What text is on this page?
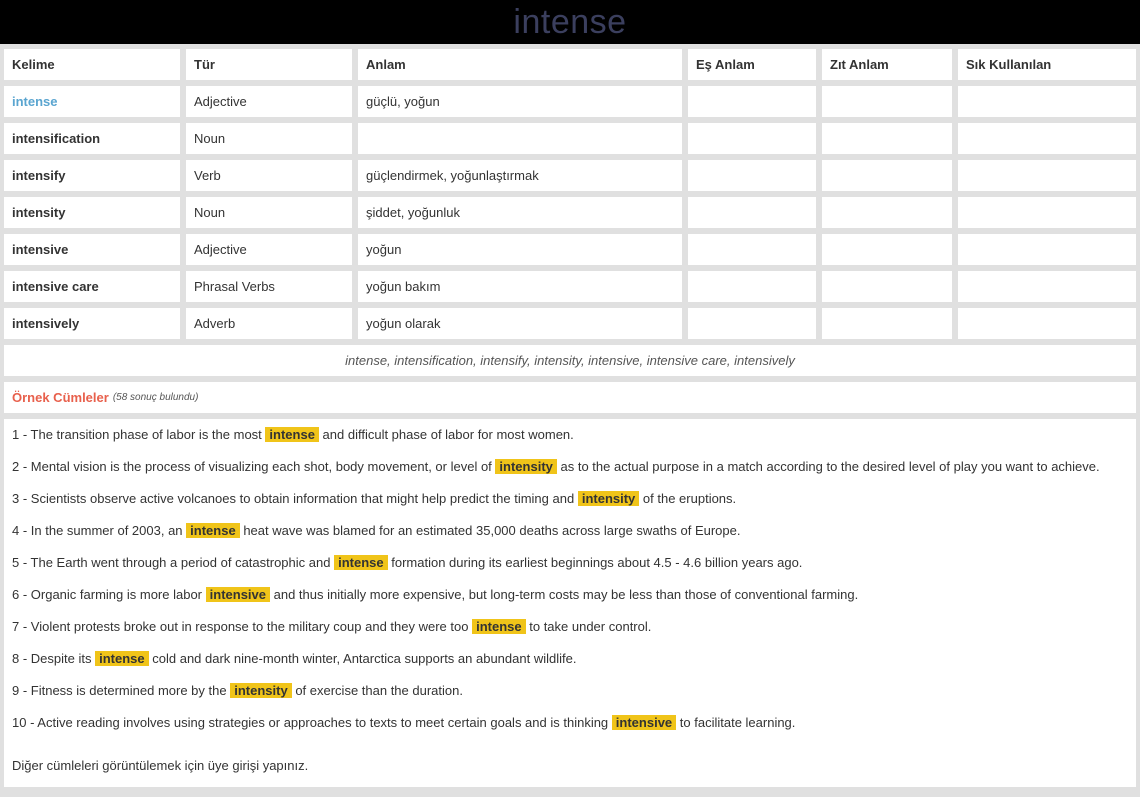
intense
Kelime	Tür	Anlam	Eş Anlam	Zıt Anlam	Sık Kullanılan
intense	Adjective	güçlü, yoğun			
intensification	Noun				
intensify	Verb	güçlendirmek, yoğunlaştırmak			
intensity	Noun	şiddet, yoğunluk			
intensive	Adjective	yoğun			
intensive care	Phrasal Verbs	yoğun bakım			
intensively	Adverb	yoğun olarak			
intense, intensification, intensify, intensity, intensive, intensive care, intensively
Örnek Cümleler (58 sonuç bulundu)
1 - The transition phase of labor is the most intense and difficult phase of labor for most women.
2 - Mental vision is the process of visualizing each shot, body movement, or level of intensity as to the actual purpose in a match according to the desired level of play you want to achieve.
3 - Scientists observe active volcanoes to obtain information that might help predict the timing and intensity of the eruptions.
4 - In the summer of 2003, an intense heat wave was blamed for an estimated 35,000 deaths across large swaths of Europe.
5 - The Earth went through a period of catastrophic and intense formation during its earliest beginnings about 4.5 - 4.6 billion years ago.
6 - Organic farming is more labor intensive and thus initially more expensive, but long-term costs may be less than those of conventional farming.
7 - Violent protests broke out in response to the military coup and they were too intense to take under control.
8 - Despite its intense cold and dark nine-month winter, Antarctica supports an abundant wildlife.
9 - Fitness is determined more by the intensity of exercise than the duration.
10 - Active reading involves using strategies or approaches to texts to meet certain goals and is thinking intensive to facilitate learning.
Diğer cümleleri görüntülemek için üye girişi yapınız.
